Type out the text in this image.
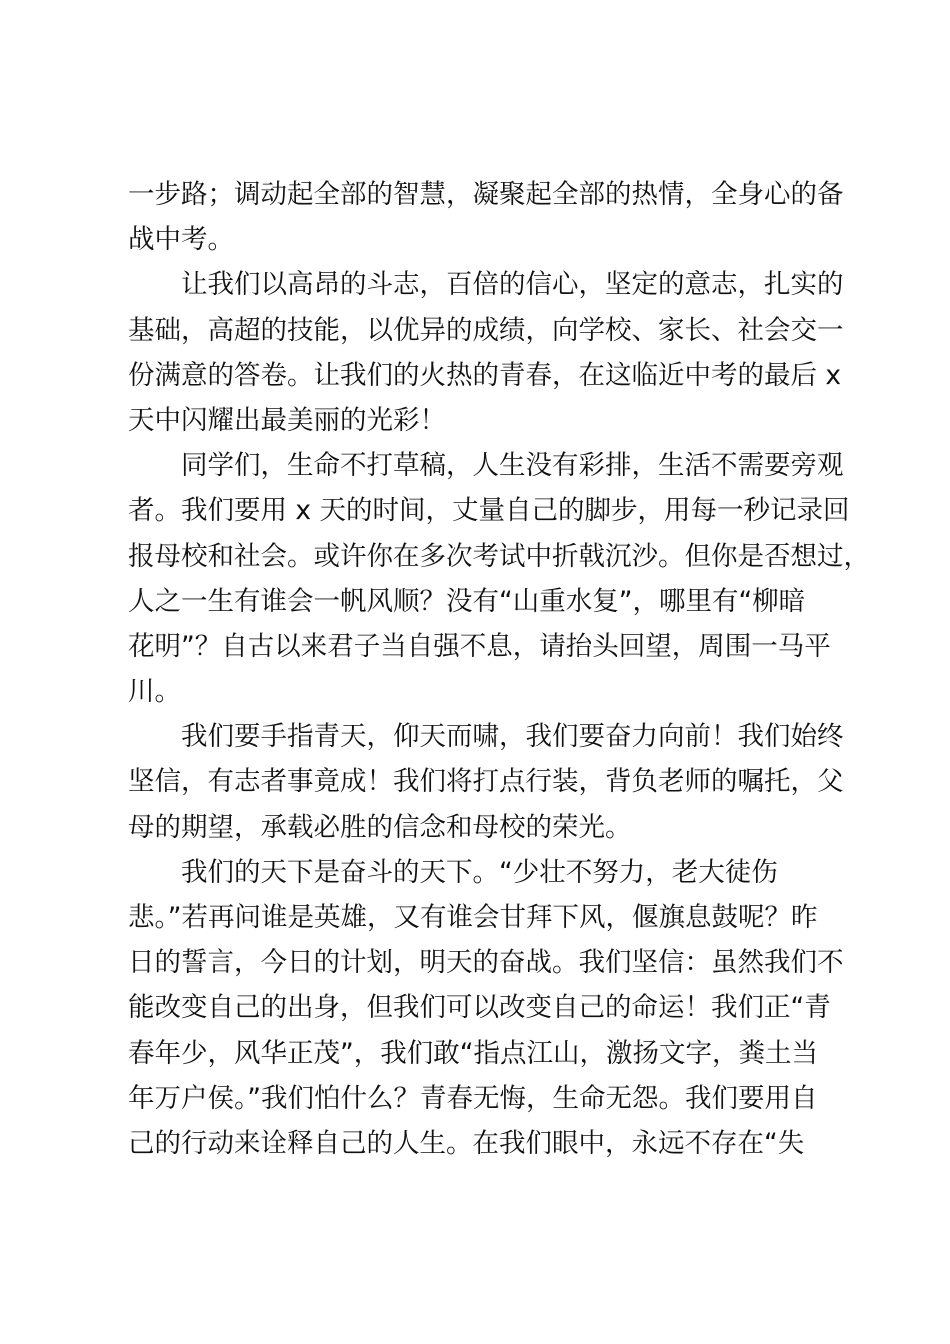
一步路；调动起全部的智慧，凝聚起全部的热情，全身心的备
战中考。
　　让我们以高昂的斗志，百倍的信心，坚定的意志，扎实的
基础，高超的技能，以优异的成绩，向学校、家长、社会交一
份满意的答卷。让我们的火热的青春，在这临近中考的最后 x
天中闪耀出最美丽的光彩！
　　同学们，生命不打草稿，人生没有彩排，生活不需要旁观
者。我们要用 x 天的时间，丈量自己的脚步，用每一秒记录回
报母校和社会。或许你在多次考试中折戟沉沙。但你是否想过，
人之一生有谁会一帆风顺？没有“山重水复”，哪里有“柳暗
花明”？自古以来君子当自强不息，请抬头回望，周围一马平
川。
　　我们要手指青天，仰天而啸，我们要奋力向前！我们始终
坚信，有志者事竟成！我们将打点行装，背负老师的嘱托，父
母的期望，承载必胜的信念和母校的荣光。
　　我们的天下是奋斗的天下。“少壮不努力，老大徒伤
悲。”若再问谁是英雄，又有谁会甘拜下风，偃旗息鼓呢？昨
日的誓言，今日的计划，明天的奋战。我们坚信：虽然我们不
能改变自己的出身，但我们可以改变自己的命运！我们正“青
春年少，风华正茂”，我们敢“指点江山，激扬文字，粪土当
年万户侯。”我们怕什么？青春无悔，生命无怨。我们要用自
己的行动来诠释自己的人生。在我们眼中，永远不存在“失
